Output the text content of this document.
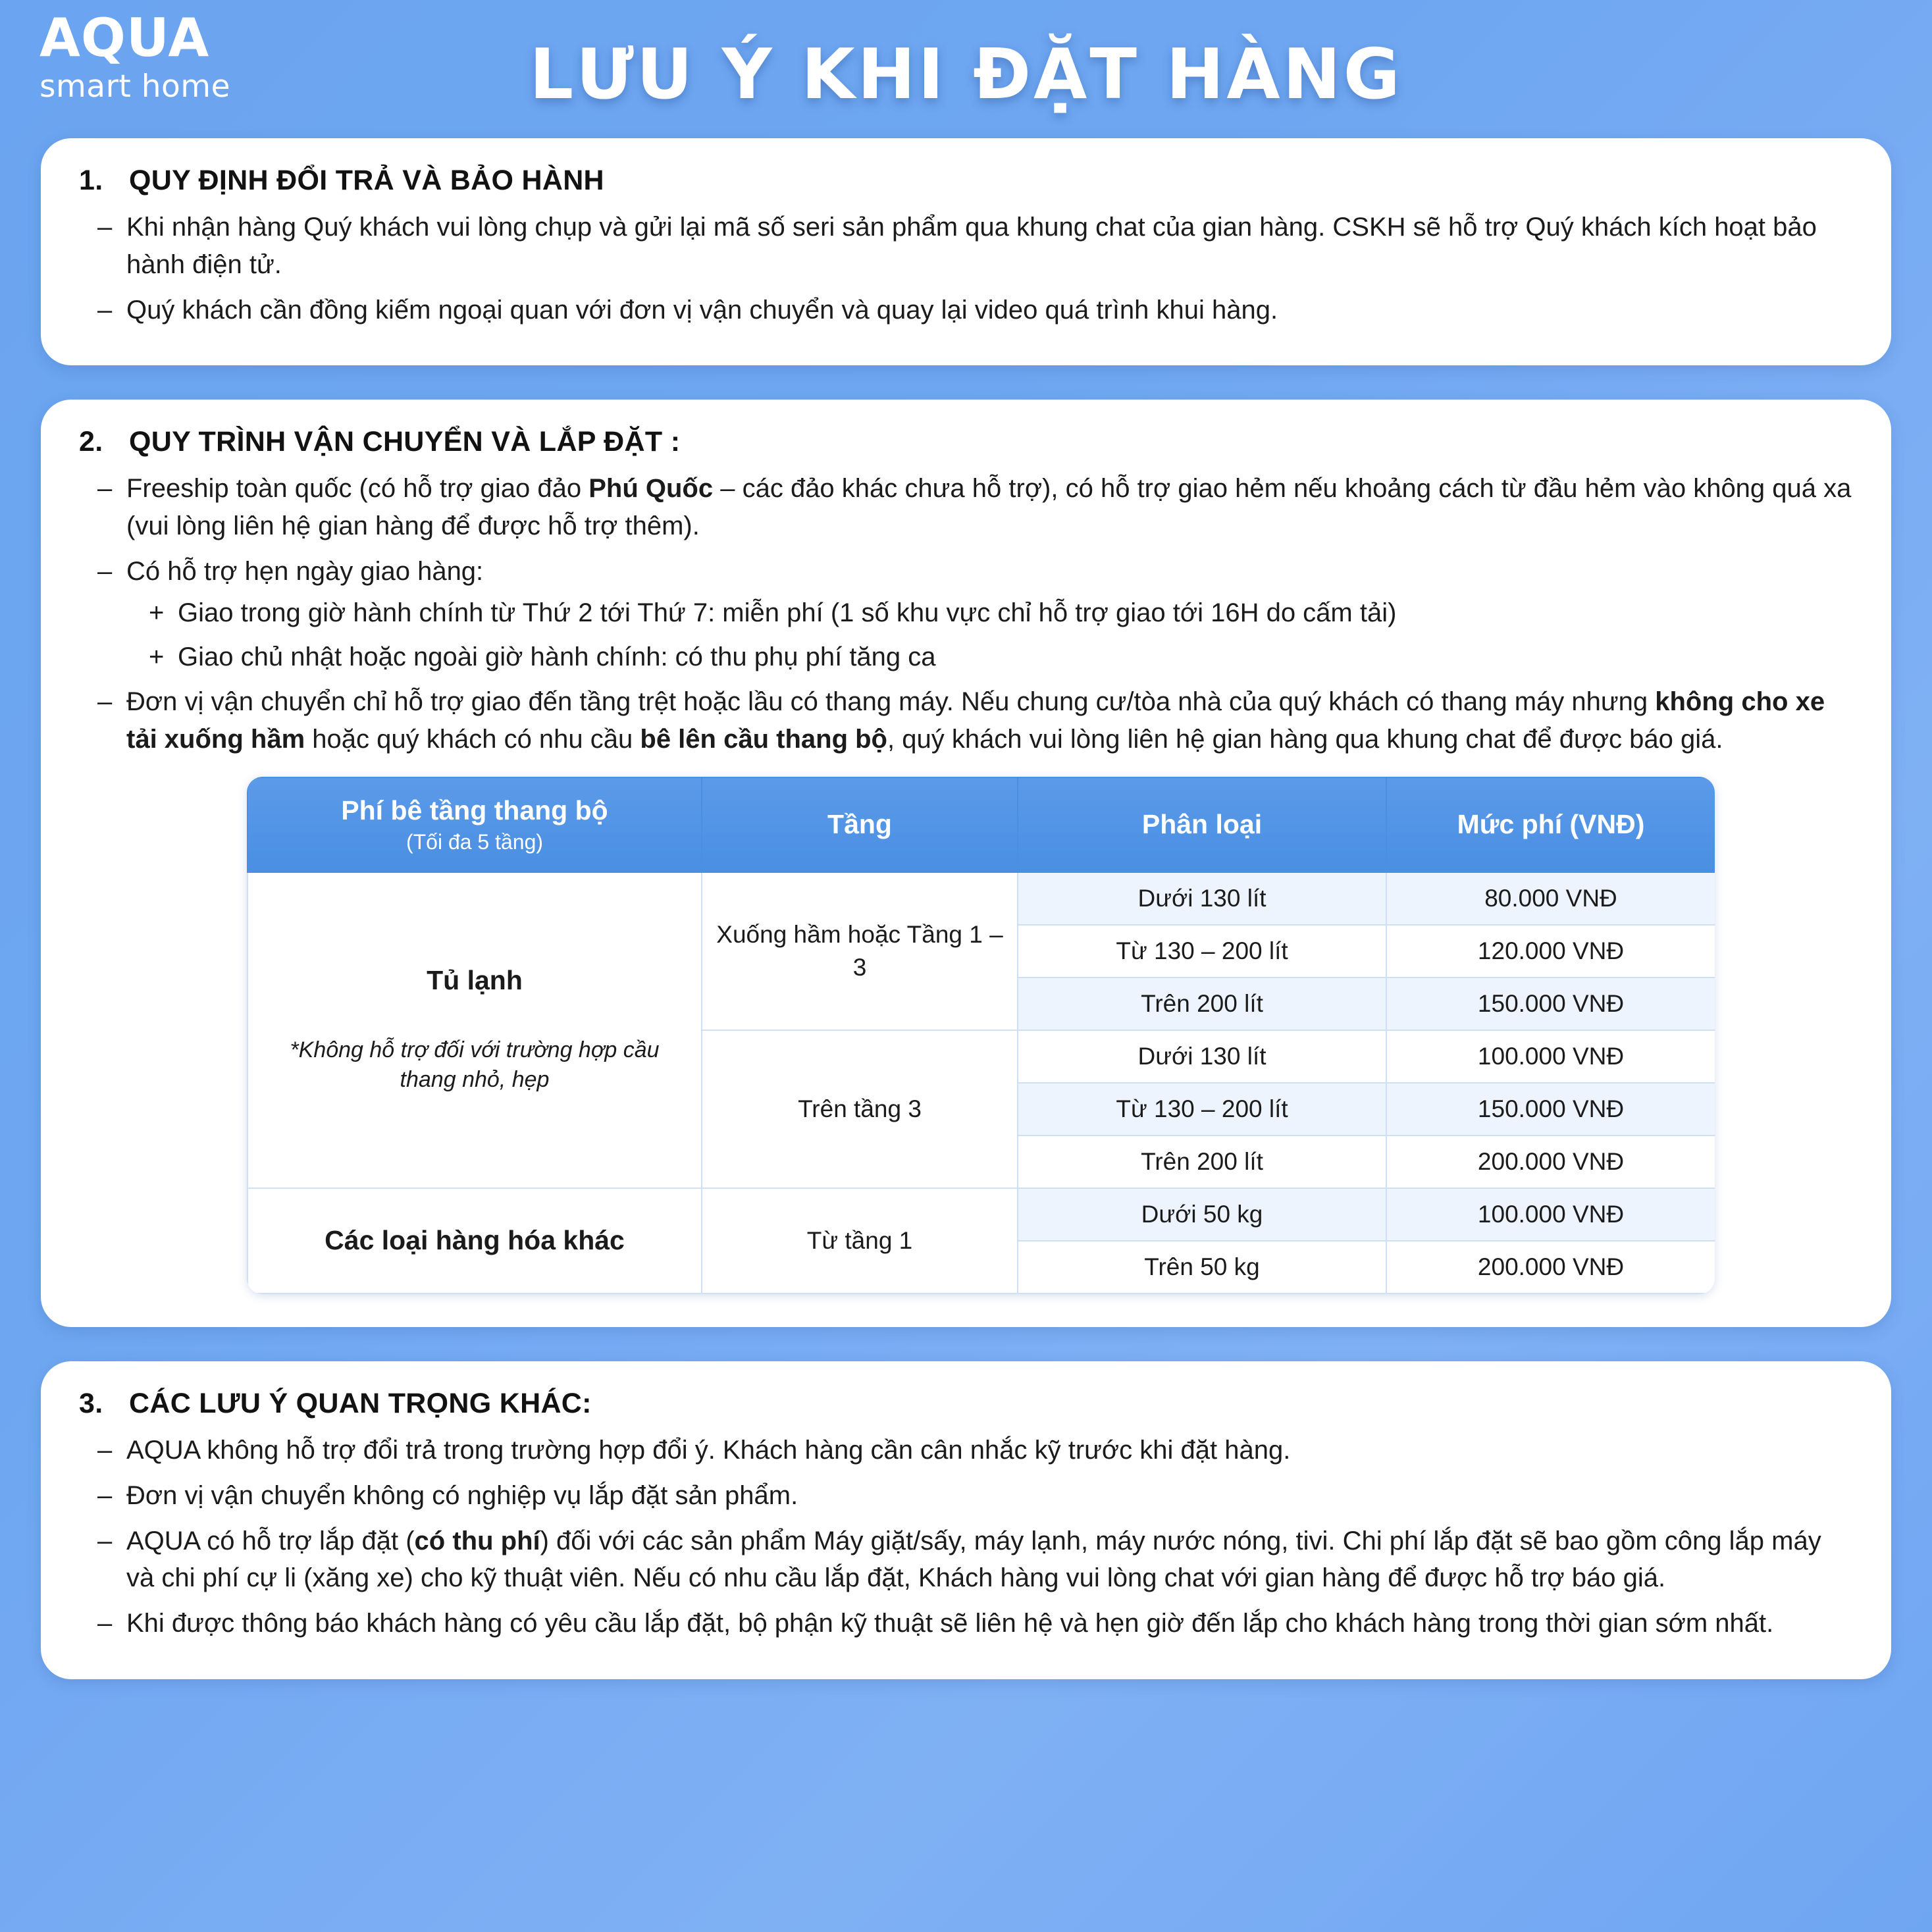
AQUA
smart home	LƯU Ý KHI ĐẶT HÀNG
1. QUY ĐỊNH ĐỔI TRẢ VÀ BẢO HÀNH
– Khi nhận hàng Quý khách vui lòng chụp và gửi lại mã số seri sản phẩm qua khung chat của gian hàng. CSKH sẽ hỗ trợ Quý khách kích hoạt bảo hành điện tử.
– Quý khách cần đồng kiếm ngoại quan với đơn vị vận chuyển và quay lại video quá trình khui hàng.
2. QUY TRÌNH VẬN CHUYỂN VÀ LẮP ĐẶT :
– Freeship toàn quốc (có hỗ trợ giao đảo Phú Quốc – các đảo khác chưa hỗ trợ), có hỗ trợ giao hẻm nếu khoảng cách từ đầu hẻm vào không quá xa (vui lòng liên hệ gian hàng để được hỗ trợ thêm).
– Có hỗ trợ hẹn ngày giao hàng:
+ Giao trong giờ hành chính từ Thứ 2 tới Thứ 7: miễn phí (1 số khu vực chỉ hỗ trợ giao tới 16H do cấm tải)
+ Giao chủ nhật hoặc ngoài giờ hành chính: có thu phụ phí tăng ca
– Đơn vị vận chuyển chỉ hỗ trợ giao đến tầng trệt hoặc lầu có thang máy. Nếu chung cư/tòa nhà của quý khách có thang máy nhưng không cho xe tải xuống hầm hoặc quý khách có nhu cầu bê lên cầu thang bộ, quý khách vui lòng liên hệ gian hàng qua khung chat để được báo giá.
Phí bê tầng thang bộ
(Tối đa 5 tầng)	Tầng	Phân loại	Mức phí (VNĐ)
Tủ lạnh
*Không hỗ trợ đối với trường hợp cầu thang nhỏ, hẹp	Xuống hầm hoặc Tầng 1 – 3	Dưới 130 lít	80.000 VNĐ
		Từ 130 – 200 lít	120.000 VNĐ
		Trên 200 lít	150.000 VNĐ
	Trên tầng 3	Dưới 130 lít	100.000 VNĐ
		Từ 130 – 200 lít	150.000 VNĐ
		Trên 200 lít	200.000 VNĐ
Các loại hàng hóa khác	Từ tầng 1	Dưới 50 kg	100.000 VNĐ
		Trên 50 kg	200.000 VNĐ
3. CÁC LƯU Ý QUAN TRỌNG KHÁC:
– AQUA không hỗ trợ đổi trả trong trường hợp đổi ý. Khách hàng cần cân nhắc kỹ trước khi đặt hàng.
– Đơn vị vận chuyển không có nghiệp vụ lắp đặt sản phẩm.
– AQUA có hỗ trợ lắp đặt (có thu phí) đối với các sản phẩm Máy giặt/sấy, máy lạnh, máy nước nóng, tivi. Chi phí lắp đặt sẽ bao gồm công lắp máy và chi phí cự li (xăng xe) cho kỹ thuật viên. Nếu có nhu cầu lắp đặt, Khách hàng vui lòng chat với gian hàng để được hỗ trợ báo giá.
– Khi được thông báo khách hàng có yêu cầu lắp đặt, bộ phận kỹ thuật sẽ liên hệ và hẹn giờ đến lắp cho khách hàng trong thời gian sớm nhất.
